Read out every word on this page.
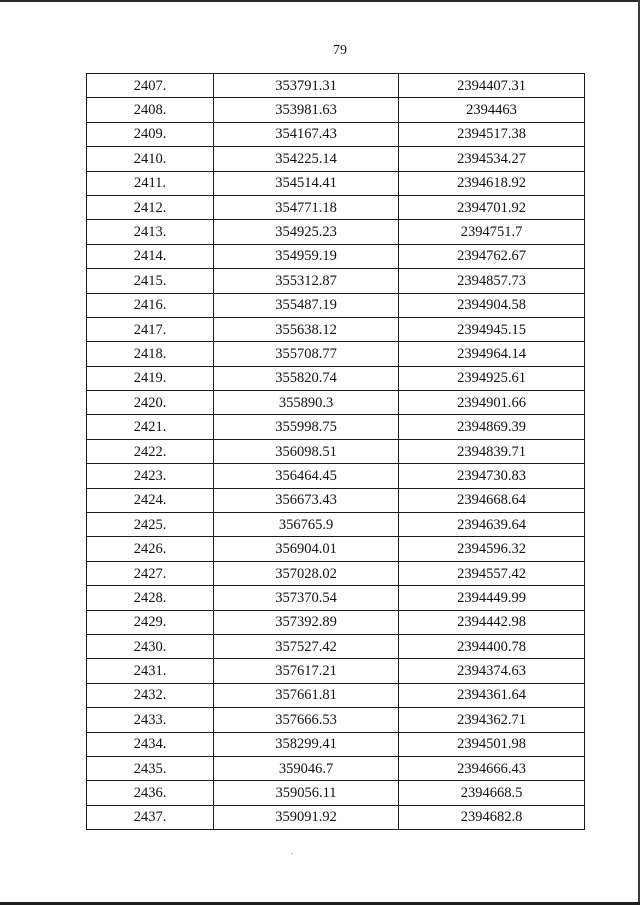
79
2407.	353791.31	2394407.31
2408.	353981.63	2394463
2409.	354167.43	2394517.38
2410.	354225.14	2394534.27
2411.	354514.41	2394618.92
2412.	354771.18	2394701.92
2413.	354925.23	2394751.7
2414.	354959.19	2394762.67
2415.	355312.87	2394857.73
2416.	355487.19	2394904.58
2417.	355638.12	2394945.15
2418.	355708.77	2394964.14
2419.	355820.74	2394925.61
2420.	355890.3	2394901.66
2421.	355998.75	2394869.39
2422.	356098.51	2394839.71
2423.	356464.45	2394730.83
2424.	356673.43	2394668.64
2425.	356765.9	2394639.64
2426.	356904.01	2394596.32
2427.	357028.02	2394557.42
2428.	357370.54	2394449.99
2429.	357392.89	2394442.98
2430.	357527.42	2394400.78
2431.	357617.21	2394374.63
2432.	357661.81	2394361.64
2433.	357666.53	2394362.71
2434.	358299.41	2394501.98
2435.	359046.7	2394666.43
2436.	359056.11	2394668.5
2437.	359091.92	2394682.8
